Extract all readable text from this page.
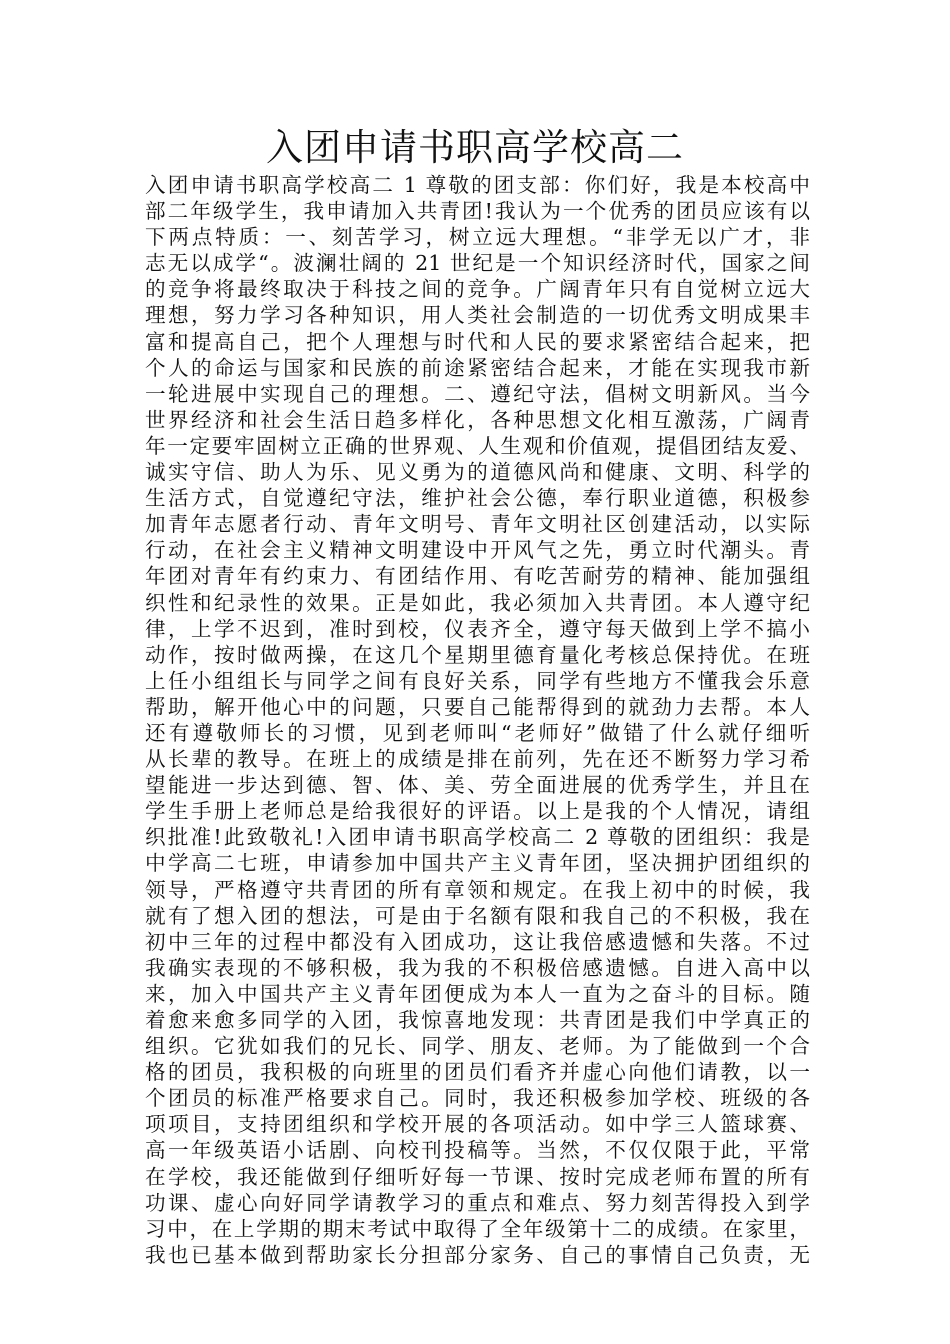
入团申请书职高学校高二
入团申请书职高学校高二 1 尊敬的团支部：你们好，我是本校高中
部二年级学生，我申请加入共青团!我认为一个优秀的团员应该有以
下两点特质：一、刻苦学习，树立远大理想。“非学无以广才，非
志无以成学“。波澜壮阔的 21 世纪是一个知识经济时代，国家之间
的竞争将最终取决于科技之间的竞争。广阔青年只有自觉树立远大
理想，努力学习各种知识，用人类社会制造的一切优秀文明成果丰
富和提高自己，把个人理想与时代和人民的要求紧密结合起来，把
个人的命运与国家和民族的前途紧密结合起来，才能在实现我市新
一轮进展中实现自己的理想。二、遵纪守法，倡树文明新风。当今
世界经济和社会生活日趋多样化，各种思想文化相互激荡，广阔青
年一定要牢固树立正确的世界观、人生观和价值观，提倡团结友爱、
诚实守信、助人为乐、见义勇为的道德风尚和健康、文明、科学的
生活方式，自觉遵纪守法，维护社会公德，奉行职业道德，积极参
加青年志愿者行动、青年文明号、青年文明社区创建活动，以实际
行动，在社会主义精神文明建设中开风气之先，勇立时代潮头。青
年团对青年有约束力、有团结作用、有吃苦耐劳的精神、能加强组
织性和纪录性的效果。正是如此，我必须加入共青团。本人遵守纪
律，上学不迟到，准时到校，仪表齐全，遵守每天做到上学不搞小
动作，按时做两操，在这几个星期里德育量化考核总保持优。在班
上任小组组长与同学之间有良好关系，同学有些地方不懂我会乐意
帮助，解开他心中的问题，只要自己能帮得到的就劲力去帮。本人
还有遵敬师长的习惯，见到老师叫“老师好”做错了什么就仔细听
从长辈的教导。在班上的成绩是排在前列，先在还不断努力学习希
望能进一步达到德、智、体、美、劳全面进展的优秀学生，并且在
学生手册上老师总是给我很好的评语。以上是我的个人情况，请组
织批准!此致敬礼!入团申请书职高学校高二 2 尊敬的团组织：我是
中学高二七班，申请参加中国共产主义青年团，坚决拥护团组织的
领导，严格遵守共青团的所有章领和规定。在我上初中的时候，我
就有了想入团的想法，可是由于名额有限和我自己的不积极，我在
初中三年的过程中都没有入团成功，这让我倍感遗憾和失落。不过
我确实表现的不够积极，我为我的不积极倍感遗憾。自进入高中以
来，加入中国共产主义青年团便成为本人一直为之奋斗的目标。随
着愈来愈多同学的入团，我惊喜地发现：共青团是我们中学真正的
组织。它犹如我们的兄长、同学、朋友、老师。为了能做到一个合
格的团员，我积极的向班里的团员们看齐并虚心向他们请教，以一
个团员的标准严格要求自己。同时，我还积极参加学校、班级的各
项项目，支持团组织和学校开展的各项活动。如中学三人篮球赛、
高一年级英语小话剧、向校刊投稿等。当然，不仅仅限于此，平常
在学校，我还能做到仔细听好每一节课、按时完成老师布置的所有
功课、虚心向好同学请教学习的重点和难点、努力刻苦得投入到学
习中，在上学期的期末考试中取得了全年级第十二的成绩。在家里，
我也已基本做到帮助家长分担部分家务、自己的事情自己负责，无
